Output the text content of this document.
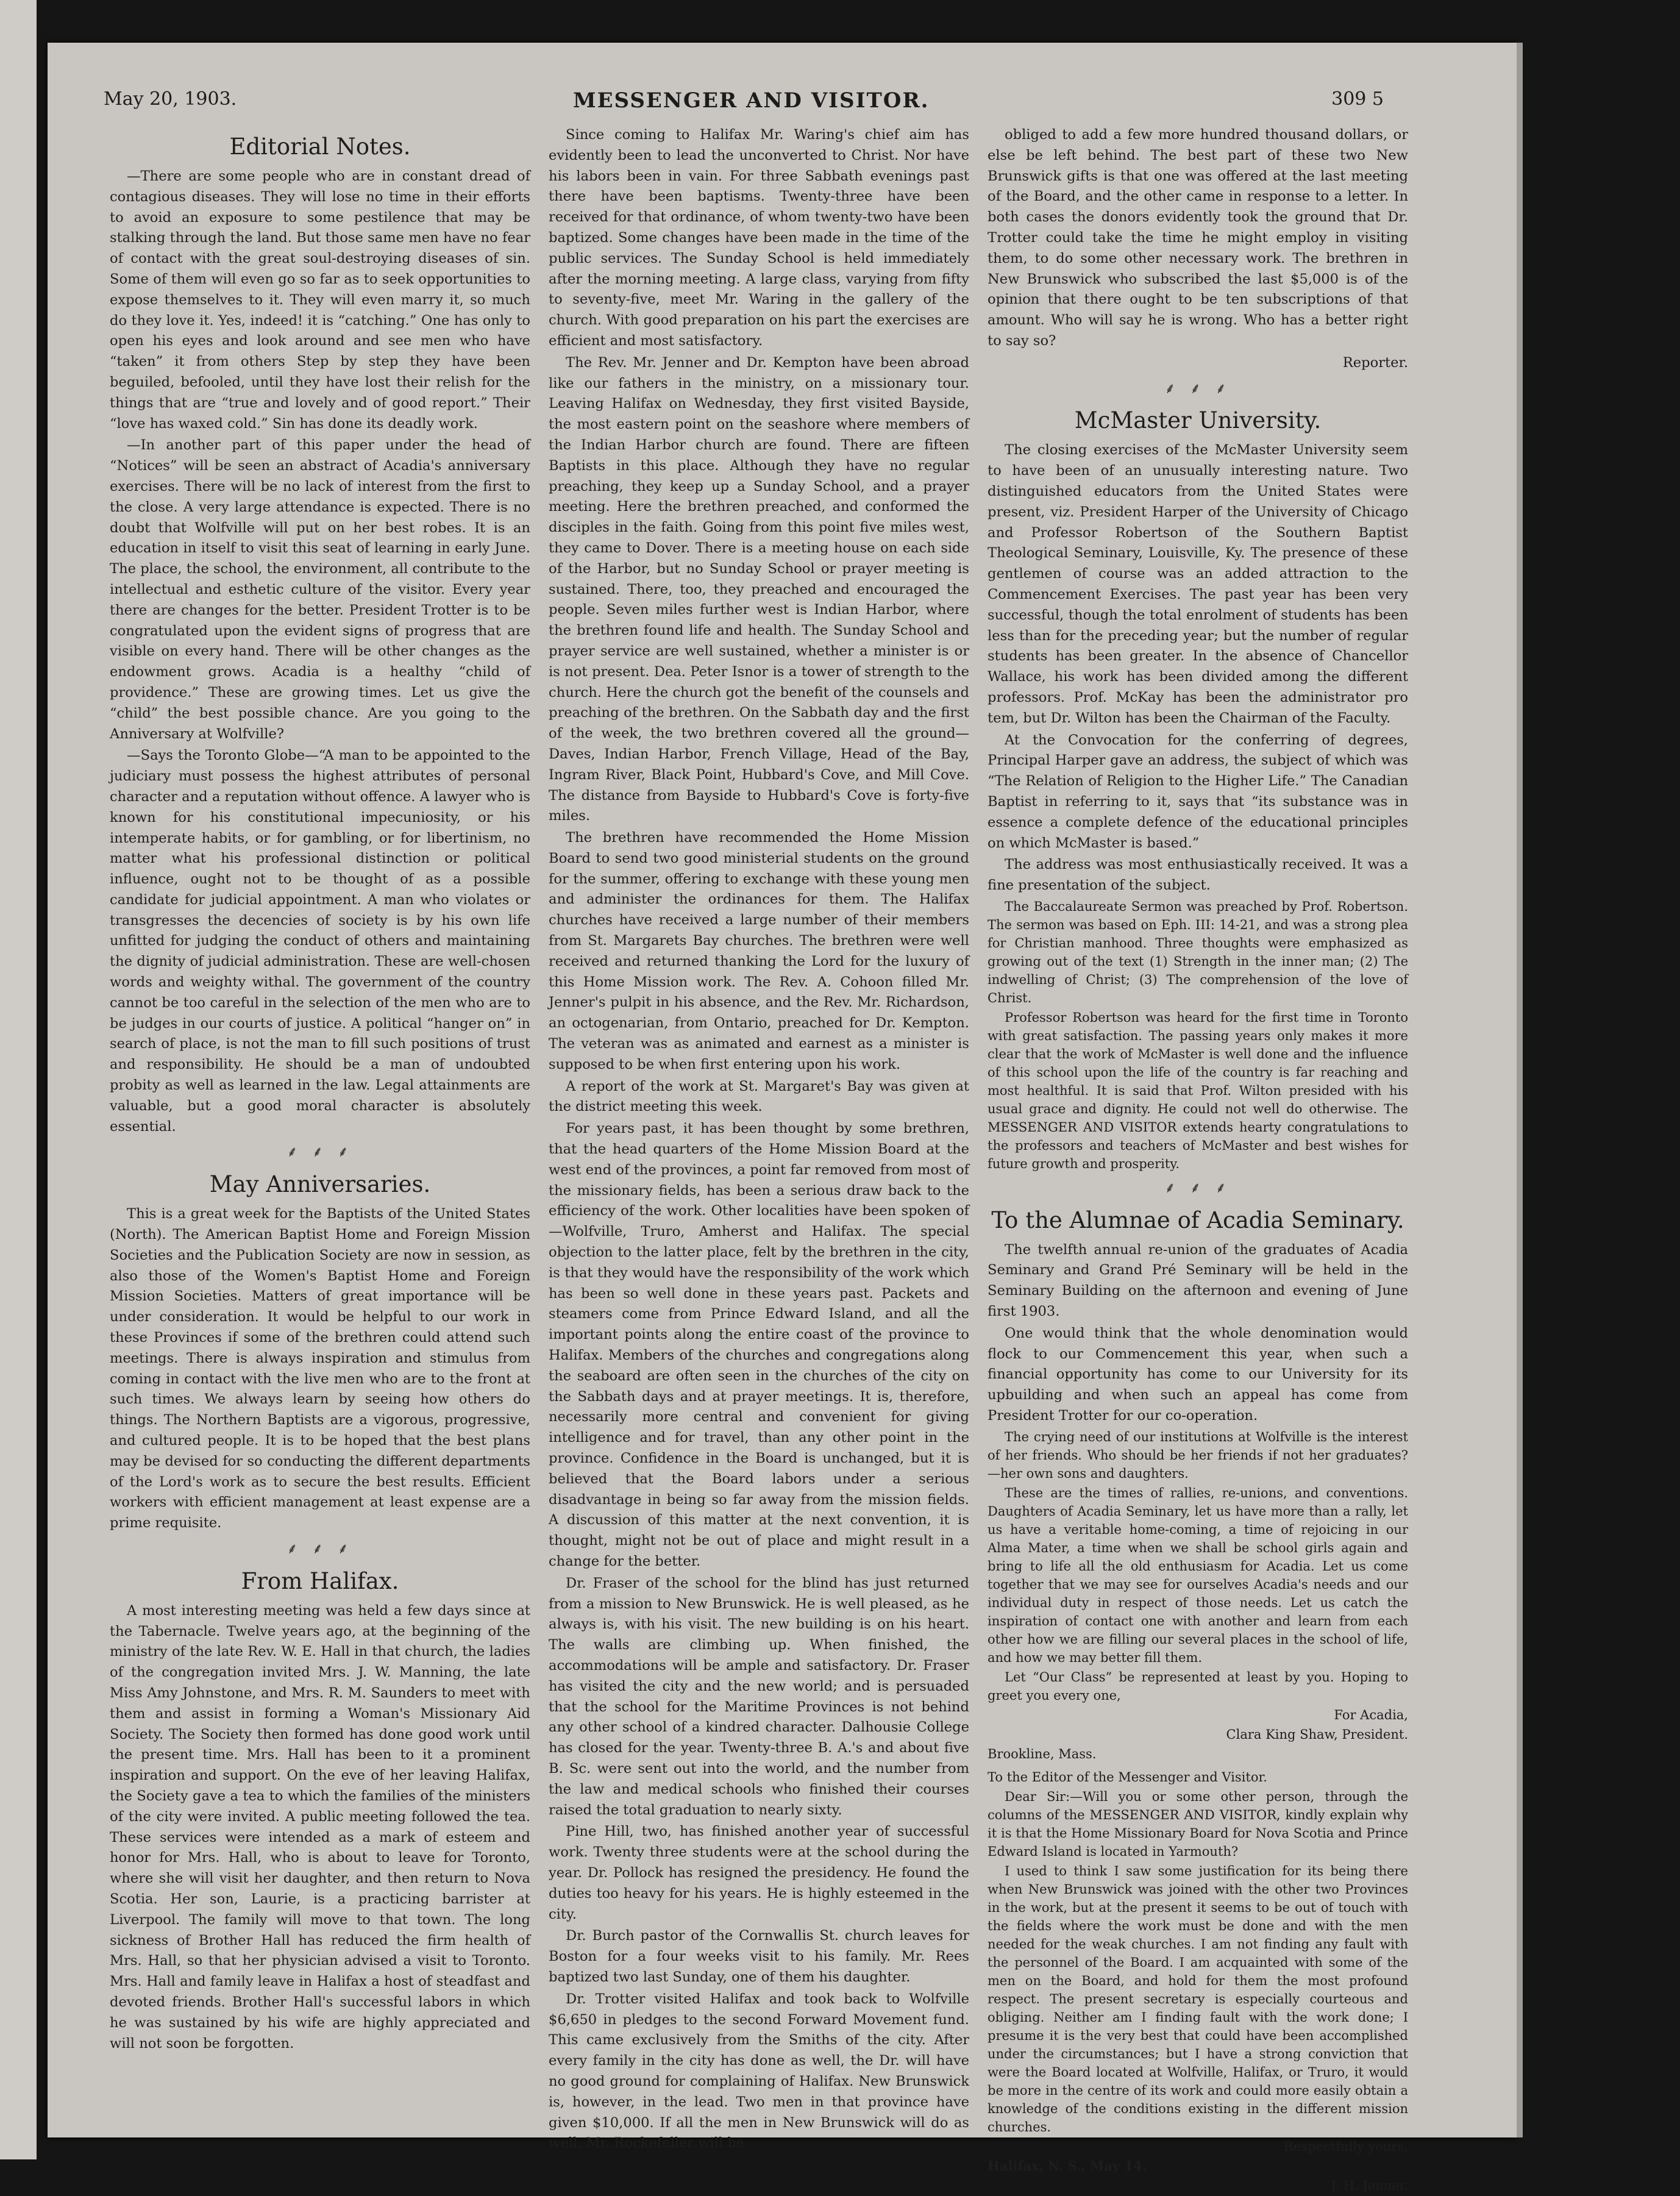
May 20, 1903.	MESSENGER AND VISITOR.	309 5
Editorial Notes.

—There are some people who are in constant dread of contagious diseases. They will lose no time in their efforts to avoid an exposure to some pestilence that may be stalking through the land. But those same men have no fear of contact with the great soul-destroying diseases of sin. Some of them will even go so far as to seek opportunities to expose themselves to it. They will even marry it, so much do they love it. Yes, indeed! it is “catching.” One has only to open his eyes and look around and see men who have “taken” it from others Step by step they have been beguiled, befooled, until they have lost their relish for the things that are “true and lovely and of good report.” Their “love has waxed cold.” Sin has done its deadly work.

—In another part of this paper under the head of “Notices” will be seen an abstract of Acadia's anniversary exercises. There will be no lack of interest from the first to the close. A very large attendance is expected. There is no doubt that Wolfville will put on her best robes. It is an education in itself to visit this seat of learning in early June. The place, the school, the environment, all contribute to the intellectual and esthetic culture of the visitor. Every year there are changes for the better. President Trotter is to be congratulated upon the evident signs of progress that are visible on every hand. There will be other changes as the endowment grows. Acadia is a healthy “child of providence.” These are growing times. Let us give the “child” the best possible chance. Are you going to the Anniversary at Wolfville?

—Says the Toronto Globe—“A man to be appointed to the judiciary must possess the highest attributes of personal character and a reputation without offence. A lawyer who is known for his constitutional impecuniosity, or his intemperate habits, or for gambling, or for libertinism, no matter what his professional distinction or political influence, ought not to be thought of as a possible candidate for judicial appointment. A man who violates or transgresses the decencies of society is by his own life unfitted for judging the conduct of others and maintaining the dignity of judicial administration. These are well-chosen words and weighty withal. The government of the country cannot be too careful in the selection of the men who are to be judges in our courts of justice. A political “hanger on” in search of place, is not the man to fill such positions of trust and responsibility. He should be a man of undoubted probity as well as learned in the law. Legal attainments are valuable, but a good moral character is absolutely essential.

⸙ ⸙ ⸙
May Anniversaries.

This is a great week for the Baptists of the United States (North). The American Baptist Home and Foreign Mission Societies and the Publication Society are now in session, as also those of the Women's Baptist Home and Foreign Mission Societies. Matters of great importance will be under consideration. It would be helpful to our work in these Provinces if some of the brethren could attend such meetings. There is always inspiration and stimulus from coming in contact with the live men who are to the front at such times. We always learn by seeing how others do things. The Northern Baptists are a vigorous, progressive, and cultured people. It is to be hoped that the best plans may be devised for so conducting the different departments of the Lord's work as to secure the best results. Efficient workers with efficient management at least expense are a prime requisite.

⸙ ⸙ ⸙
From Halifax.

A most interesting meeting was held a few days since at the Tabernacle. Twelve years ago, at the beginning of the ministry of the late Rev. W. E. Hall in that church, the ladies of the congregation invited Mrs. J. W. Manning, the late Miss Amy Johnstone, and Mrs. R. M. Saunders to meet with them and assist in forming a Woman's Missionary Aid Society. The Society then formed has done good work until the present time. Mrs. Hall has been to it a prominent inspiration and support. On the eve of her leaving Halifax, the Society gave a tea to which the families of the ministers of the city were invited. A public meeting followed the tea. These services were intended as a mark of esteem and honor for Mrs. Hall, who is about to leave for Toronto, where she will visit her daughter, and then return to Nova Scotia. Her son, Laurie, is a practicing barrister at Liverpool. The family will move to that town. The long sickness of Brother Hall has reduced the firm health of Mrs. Hall, so that her physician advised a visit to Toronto. Mrs. Hall and family leave in Halifax a host of steadfast and devoted friends. Brother Hall's successful labors in which he was sustained by his wife are highly appreciated and will not soon be forgotten.

Since coming to Halifax Mr. Waring's chief aim has evidently been to lead the unconverted to Christ. Nor have his labors been in vain. For three Sabbath evenings past there have been baptisms. Twenty-three have been received for that ordinance, of whom twenty-two have been baptized. Some changes have been made in the time of the public services. The Sunday School is held immediately after the morning meeting. A large class, varying from fifty to seventy-five, meet Mr. Waring in the gallery of the church. With good preparation on his part the exercises are efficient and most satisfactory.

The Rev. Mr. Jenner and Dr. Kempton have been abroad like our fathers in the ministry, on a missionary tour. Leaving Halifax on Wednesday, they first visited Bayside, the most eastern point on the seashore where members of the Indian Harbor church are found. There are fifteen Baptists in this place. Although they have no regular preaching, they keep up a Sunday School, and a prayer meeting. Here the brethren preached, and conformed the disciples in the faith. Going from this point five miles west, they came to Dover. There is a meeting house on each side of the Harbor, but no Sunday School or prayer meeting is sustained. There, too, they preached and encouraged the people. Seven miles further west is Indian Harbor, where the brethren found life and health. The Sunday School and prayer service are well sustained, whether a minister is or is not present. Dea. Peter Isnor is a tower of strength to the church. Here the church got the benefit of the counsels and preaching of the brethren. On the Sabbath day and the first of the week, the two brethren covered all the ground—Daves, Indian Harbor, French Village, Head of the Bay, Ingram River, Black Point, Hubbard's Cove, and Mill Cove. The distance from Bayside to Hubbard's Cove is forty-five miles.

The brethren have recommended the Home Mission Board to send two good ministerial students on the ground for the summer, offering to exchange with these young men and administer the ordinances for them. The Halifax churches have received a large number of their members from St. Margarets Bay churches. The brethren were well received and returned thanking the Lord for the luxury of this Home Mission work. The Rev. A. Cohoon filled Mr. Jenner's pulpit in his absence, and the Rev. Mr. Richardson, an octogenarian, from Ontario, preached for Dr. Kempton. The veteran was as animated and earnest as a minister is supposed to be when first entering upon his work.

A report of the work at St. Margaret's Bay was given at the district meeting this week.

For years past, it has been thought by some brethren, that the head quarters of the Home Mission Board at the west end of the provinces, a point far removed from most of the missionary fields, has been a serious draw back to the efficiency of the work. Other localities have been spoken of—Wolfville, Truro, Amherst and Halifax. The special objection to the latter place, felt by the brethren in the city, is that they would have the responsibility of the work which has been so well done in these years past. Packets and steamers come from Prince Edward Island, and all the important points along the entire coast of the province to Halifax. Members of the churches and congregations along the seaboard are often seen in the churches of the city on the Sabbath days and at prayer meetings. It is, therefore, necessarily more central and convenient for giving intelligence and for travel, than any other point in the province. Confidence in the Board is unchanged, but it is believed that the Board labors under a serious disadvantage in being so far away from the mission fields. A discussion of this matter at the next convention, it is thought, might not be out of place and might result in a change for the better.

Dr. Fraser of the school for the blind has just returned from a mission to New Brunswick. He is well pleased, as he always is, with his visit. The new building is on his heart. The walls are climbing up. When finished, the accommodations will be ample and satisfactory. Dr. Fraser has visited the city and the new world; and is persuaded that the school for the Maritime Provinces is not behind any other school of a kindred character. Dalhousie College has closed for the year. Twenty-three B. A.'s and about five B. Sc. were sent out into the world, and the number from the law and medical schools who finished their courses raised the total graduation to nearly sixty.

Pine Hill, two, has finished another year of successful work. Twenty three students were at the school during the year. Dr. Pollock has resigned the presidency. He found the duties too heavy for his years. He is highly esteemed in the city.

Dr. Burch pastor of the Cornwallis St. church leaves for Boston for a four weeks visit to his family. Mr. Rees baptized two last Sunday, one of them his daughter.

Dr. Trotter visited Halifax and took back to Wolfville $6,650 in pledges to the second Forward Movement fund. This came exclusively from the Smiths of the city. After every family in the city has done as well, the Dr. will have no good ground for complaining of Halifax. New Brunswick is, however, in the lead. Two men in that province have given $10,000. If all the men in New Brunswick will do as well, Mr. Rockefeller will be

obliged to add a few more hundred thousand dollars, or else be left behind. The best part of these two New Brunswick gifts is that one was offered at the last meeting of the Board, and the other came in response to a letter. In both cases the donors evidently took the ground that Dr. Trotter could take the time he might employ in visiting them, to do some other necessary work. The brethren in New Brunswick who subscribed the last $5,000 is of the opinion that there ought to be ten subscriptions of that amount. Who will say he is wrong. Who has a better right to say so?

Reporter.

⸙ ⸙ ⸙
McMaster University.

The closing exercises of the McMaster University seem to have been of an unusually interesting nature. Two distinguished educators from the United States were present, viz. President Harper of the University of Chicago and Professor Robertson of the Southern Baptist Theological Seminary, Louisville, Ky. The presence of these gentlemen of course was an added attraction to the Commencement Exercises. The past year has been very successful, though the total enrolment of students has been less than for the preceding year; but the number of regular students has been greater. In the absence of Chancellor Wallace, his work has been divided among the different professors. Prof. McKay has been the administrator pro tem, but Dr. Wilton has been the Chairman of the Faculty.

At the Convocation for the conferring of degrees, Principal Harper gave an address, the subject of which was “The Relation of Religion to the Higher Life.” The Canadian Baptist in referring to it, says that “its substance was in essence a complete defence of the educational principles on which McMaster is based.”

The address was most enthusiastically received. It was a fine presentation of the subject.

The Baccalaureate Sermon was preached by Prof. Robertson. The sermon was based on Eph. III: 14-21, and was a strong plea for Christian manhood. Three thoughts were emphasized as growing out of the text (1) Strength in the inner man; (2) The indwelling of Christ; (3) The comprehension of the love of Christ.

Professor Robertson was heard for the first time in Toronto with great satisfaction. The passing years only makes it more clear that the work of McMaster is well done and the influence of this school upon the life of the country is far reaching and most healthful. It is said that Prof. Wilton presided with his usual grace and dignity. He could not well do otherwise. The MESSENGER AND VISITOR extends hearty congratulations to the professors and teachers of McMaster and best wishes for future growth and prosperity.

⸙ ⸙ ⸙
To the Alumnae of Acadia Seminary.

The twelfth annual re-union of the graduates of Acadia Seminary and Grand Pré Seminary will be held in the Seminary Building on the afternoon and evening of June first 1903.

One would think that the whole denomination would flock to our Commencement this year, when such a financial opportunity has come to our University for its upbuilding and when such an appeal has come from President Trotter for our co-operation.

The crying need of our institutions at Wolfville is the interest of her friends. Who should be her friends if not her graduates?—her own sons and daughters.

These are the times of rallies, re-unions, and conventions. Daughters of Acadia Seminary, let us have more than a rally, let us have a veritable home-coming, a time of rejoicing in our Alma Mater, a time when we shall be school girls again and bring to life all the old enthusiasm for Acadia. Let us come together that we may see for ourselves Acadia's needs and our individual duty in respect of those needs. Let us catch the inspiration of contact one with another and learn from each other how we are filling our several places in the school of life, and how we may better fill them.

Let “Our Class” be represented at least by you. Hoping to greet you every one,

For Acadia,

Clara King Shaw, President.

Brookline, Mass.

To the Editor of the Messenger and Visitor.

Dear Sir:—Will you or some other person, through the columns of the MESSENGER AND VISITOR, kindly explain why it is that the Home Missionary Board for Nova Scotia and Prince Edward Island is located in Yarmouth?

I used to think I saw some justification for its being there when New Brunswick was joined with the other two Provinces in the work, but at the present it seems to be out of touch with the fields where the work must be done and with the men needed for the weak churches. I am not finding any fault with the personnel of the Board. I am acquainted with some of the men on the Board, and hold for them the most profound respect. The present secretary is especially courteous and obliging. Neither am I finding fault with the work done; I presume it is the very best that could have been accomplished under the circumstances; but I have a strong conviction that were the Board located at Wolfville, Halifax, or Truro, it would be more in the centre of its work and could more easily obtain a knowledge of the conditions existing in the different mission churches.

Respectfully yours,

Halifax, N. S., May 14.

J. H. Jenner.
